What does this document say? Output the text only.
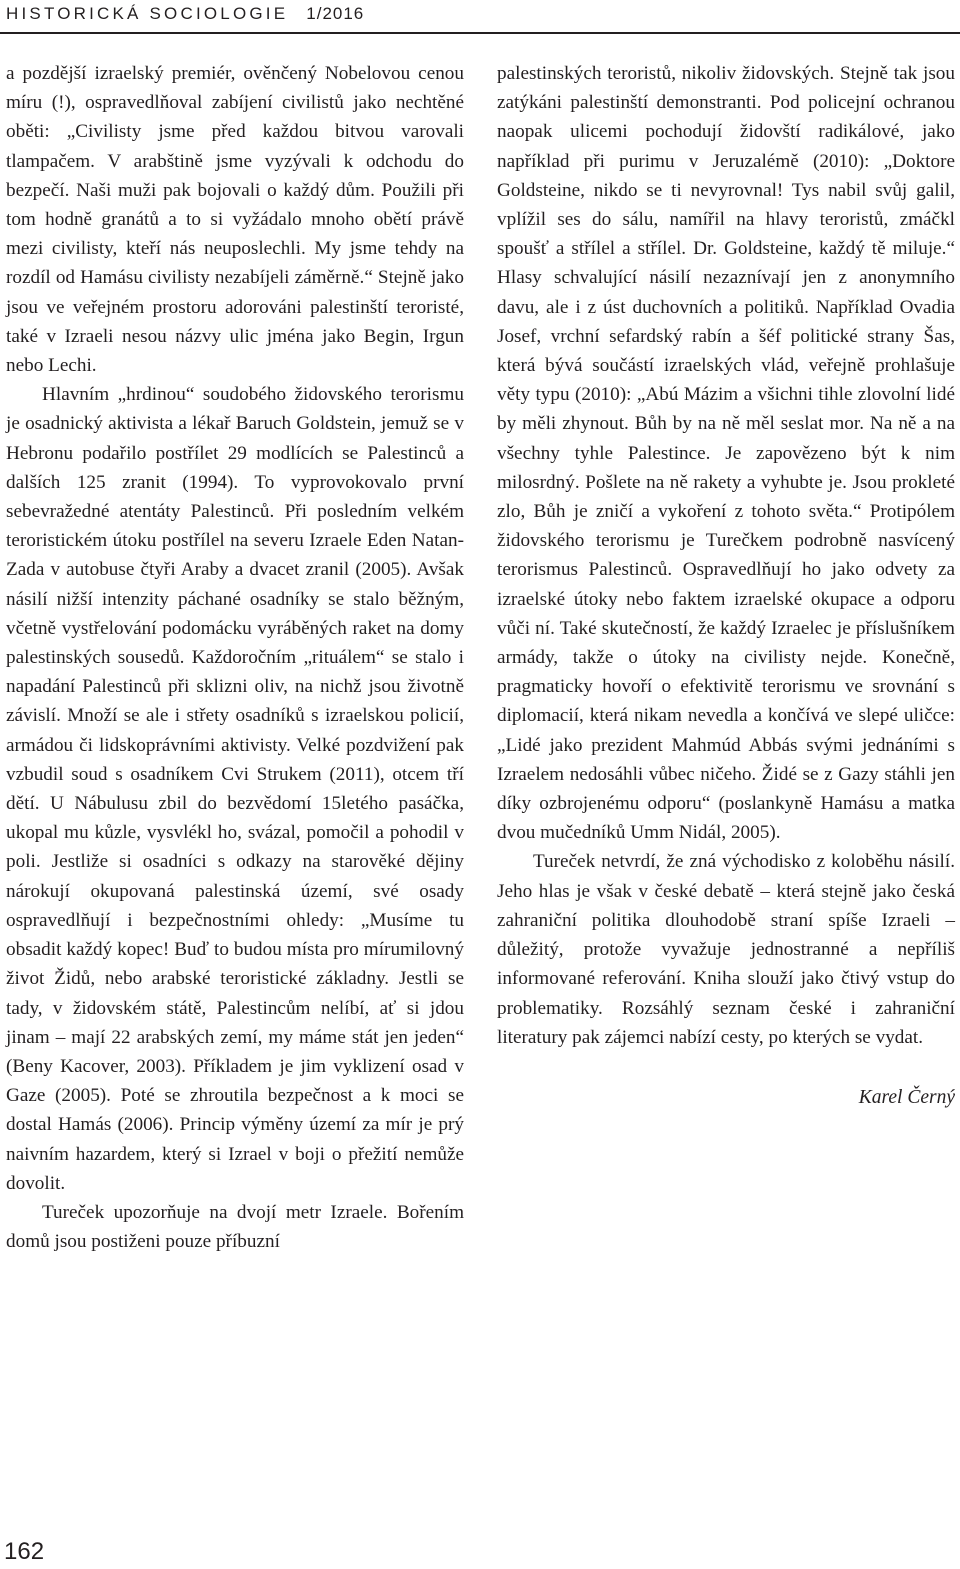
HISTORICKÁ SOCIOLOGIE 1/2016

a pozdější izraelský premiér, ověnčený Nobelovou cenou míru (!), ospravedlňoval zabíjení civilistů jako nechtěné oběti: „Civilisty jsme před každou bitvou varovali tlampačem. V arabštině jsme vyzývali k odchodu do bezpečí. Naši muži pak bojovali o každý dům. Použili při tom hodně granátů a to si vyžádalo mnoho obětí právě mezi civilisty, kteří nás neuposlechli. My jsme tehdy na rozdíl od Hamásu civilisty nezabíjeli záměrně.“ Stejně jako jsou ve veřejném prostoru adorováni palestinští teroristé, také v Izraeli nesou názvy ulic jména jako Begin, Irgun nebo Lechi.

Hlavním „hrdinou“ soudobého židovského terorismu je osadnický aktivista a lékař Baruch Goldstein, jemuž se v Hebronu podařilo postřílet 29 modlících se Palestinců a dalších 125 zranit (1994). To vyprovokovalo první sebevražedné atentáty Palestinců. Při posledním velkém teroristickém útoku postřílel na severu Izraele Eden Natan-Zada v autobuse čtyři Araby a dvacet zranil (2005). Avšak násilí nižší intenzity páchané osadníky se stalo běžným, včetně vystřelování podomácku vyráběných raket na domy palestinských sousedů. Každoročním „rituálem“ se stalo i napadání Palestinců při sklizni oliv, na nichž jsou životně závislí. Množí se ale i střety osadníků s izraelskou policií, armádou či lidskoprávními aktivisty. Velké pozdvižení pak vzbudil soud s osadníkem Cvi Strukem (2011), otcem tří dětí. U Nábulusu zbil do bezvědomí 15letého pasáčka, ukopal mu kůzle, vysvlékl ho, svázal, pomočil a pohodil v poli. Jestliže si osadníci s odkazy na starověké dějiny nárokují okupovaná palestinská území, své osady ospravedlňují i bezpečnostními ohledy: „Musíme tu obsadit každý kopec! Buď to budou místa pro mírumilovný život Židů, nebo arabské teroristické základny. Jestli se tady, v židovském státě, Palestincům nelíbí, ať si jdou jinam – mají 22 arabských zemí, my máme stát jen jeden“ (Beny Kacover, 2003). Příkladem je jim vyklizení osad v Gaze (2005). Poté se zhroutila bezpečnost a k moci se dostal Hamás (2006). Princip výměny území za mír je prý naivním hazardem, který si Izrael v boji o přežití nemůže dovolit.

Tureček upozorňuje na dvojí metr Izraele. Bořením domů jsou postiženi pouze příbuzní

palestinských teroristů, nikoliv židovských. Stejně tak jsou zatýkáni palestinští demonstranti. Pod policejní ochranou naopak ulicemi pochodují židovští radikálové, jako například při purimu v Jeruzalémě (2010): „Doktore Goldsteine, nikdo se ti nevyrovnal! Tys nabil svůj galil, vplížil ses do sálu, namířil na hlavy teroristů, zmáčkl spoušť a střílel a střílel. Dr. Goldsteine, každý tě miluje.“ Hlasy schvalující násilí nezaznívají jen z anonymního davu, ale i z úst duchovních a politiků. Například Ovadia Josef, vrchní sefardský rabín a šéf politické strany Šas, která bývá součástí izraelských vlád, veřejně prohlašuje věty typu (2010): „Abú Mázim a všichni tihle zlovolní lidé by měli zhynout. Bůh by na ně měl seslat mor. Na ně a na všechny tyhle Palestince. Je zapovězeno být k nim milosrdný. Pošlete na ně rakety a vyhubte je. Jsou prokleté zlo, Bůh je zničí a vykoření z tohoto světa.“ Protipólem židovského terorismu je Turečkem podrobně nasvícený terorismus Palestinců. Ospravedlňují ho jako odvety za izraelské útoky nebo faktem izraelské okupace a odporu vůči ní. Také skutečností, že každý Izraelec je příslušníkem armády, takže o útoky na civilisty nejde. Konečně, pragmaticky hovoří o efektivitě terorismu ve srovnání s diplomacií, která nikam nevedla a končívá ve slepé uličce: „Lidé jako prezident Mahmúd Abbás svými jednáními s Izraelem nedosáhli vůbec ničeho. Židé se z Gazy stáhli jen díky ozbrojenému odporu“ (poslankyně Hamásu a matka dvou mučedníků Umm Nidál, 2005).

Tureček netvrdí, že zná východisko z koloběhu násilí. Jeho hlas je však v české debatě – která stejně jako česká zahraniční politika dlouhodobě straní spíše Izraeli – důležitý, protože vyvažuje jednostranné a nepříliš informované referování. Kniha slouží jako čtivý vstup do problematiky. Rozsáhlý seznam české i zahraniční literatury pak zájemci nabízí cesty, po kterých se vydat.

Karel Černý
162
